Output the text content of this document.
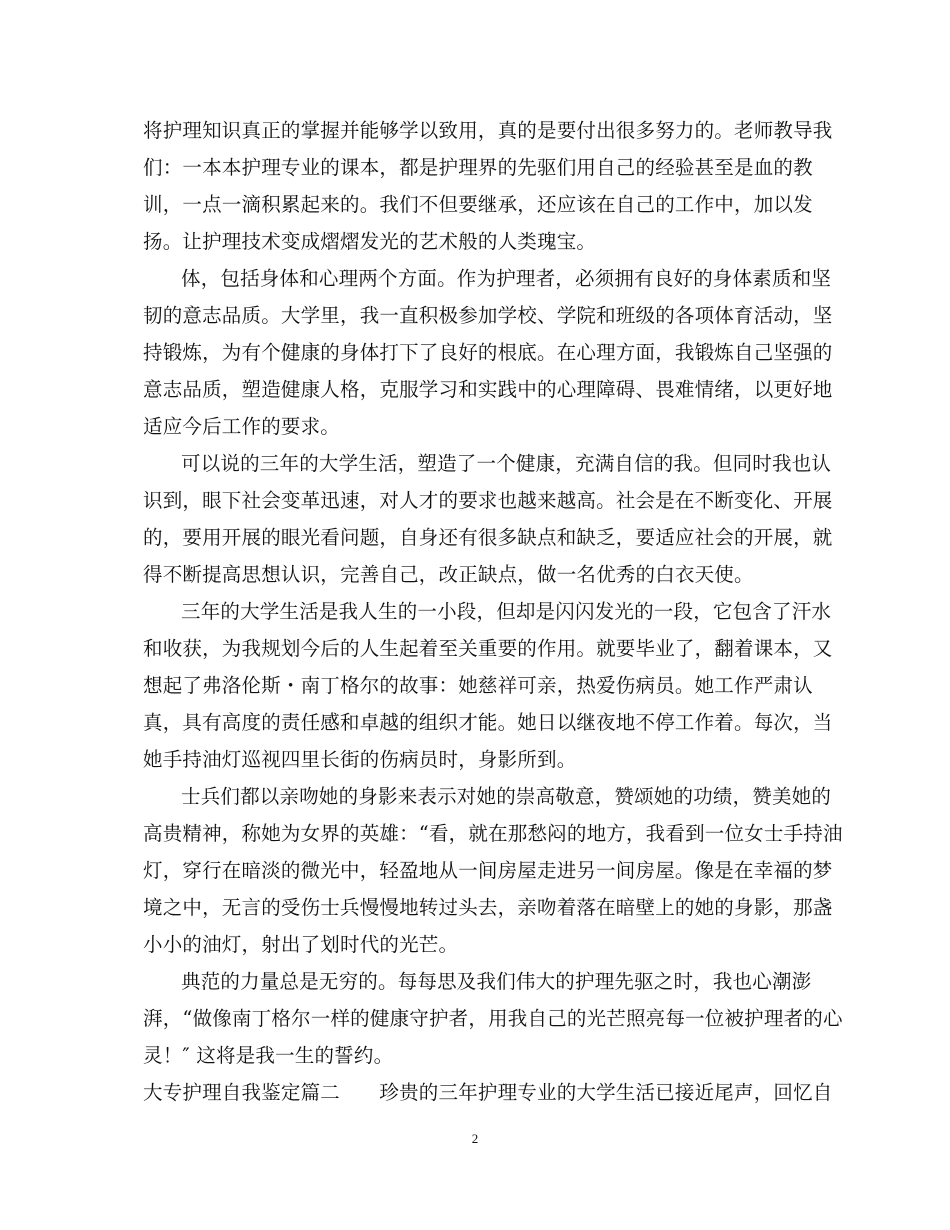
将护理知识真正的掌握并能够学以致用，真的是要付出很多努力的。老师教导我
们：一本本护理专业的课本，都是护理界的先驱们用自己的经验甚至是血的教
训，一点一滴积累起来的。我们不但要继承，还应该在自己的工作中，加以发
扬。让护理技术变成熠熠发光的艺术般的人类瑰宝。
体，包括身体和心理两个方面。作为护理者，必须拥有良好的身体素质和坚
韧的意志品质。大学里，我一直积极参加学校、学院和班级的各项体育活动，坚
持锻炼，为有个健康的身体打下了良好的根底。在心理方面，我锻炼自己坚强的
意志品质，塑造健康人格，克服学习和实践中的心理障碍、畏难情绪，以更好地
适应今后工作的要求。
可以说的三年的大学生活，塑造了一个健康，充满自信的我。但同时我也认
识到，眼下社会变革迅速，对人才的要求也越来越高。社会是在不断变化、开展
的，要用开展的眼光看问题，自身还有很多缺点和缺乏，要适应社会的开展，就
得不断提高思想认识，完善自己，改正缺点，做一名优秀的白衣天使。
三年的大学生活是我人生的一小段，但却是闪闪发光的一段，它包含了汗水
和收获，为我规划今后的人生起着至关重要的作用。就要毕业了，翻着课本，又
想起了弗洛伦斯・南丁格尔的故事：她慈祥可亲，热爱伤病员。她工作严肃认
真，具有高度的责任感和卓越的组织才能。她日以继夜地不停工作着。每次，当
她手持油灯巡视四里长街的伤病员时，身影所到。
士兵们都以亲吻她的身影来表示对她的崇高敬意，赞颂她的功绩，赞美她的
高贵精神，称她为女界的英雄：“看，就在那愁闷的地方，我看到一位女士手持油
灯，穿行在暗淡的微光中，轻盈地从一间房屋走进另一间房屋。像是在幸福的梦
境之中，无言的受伤士兵慢慢地转过头去，亲吻着落在暗壁上的她的身影，那盏
小小的油灯，射出了划时代的光芒。
典范的力量总是无穷的。每每思及我们伟大的护理先驱之时，我也心潮澎
湃，“做像南丁格尔一样的健康守护者，用我自己的光芒照亮每一位被护理者的心
灵！″ 这将是我一生的誓约。
大专护理自我鉴定篇二　　珍贵的三年护理专业的大学生活已接近尾声，回忆自
2
